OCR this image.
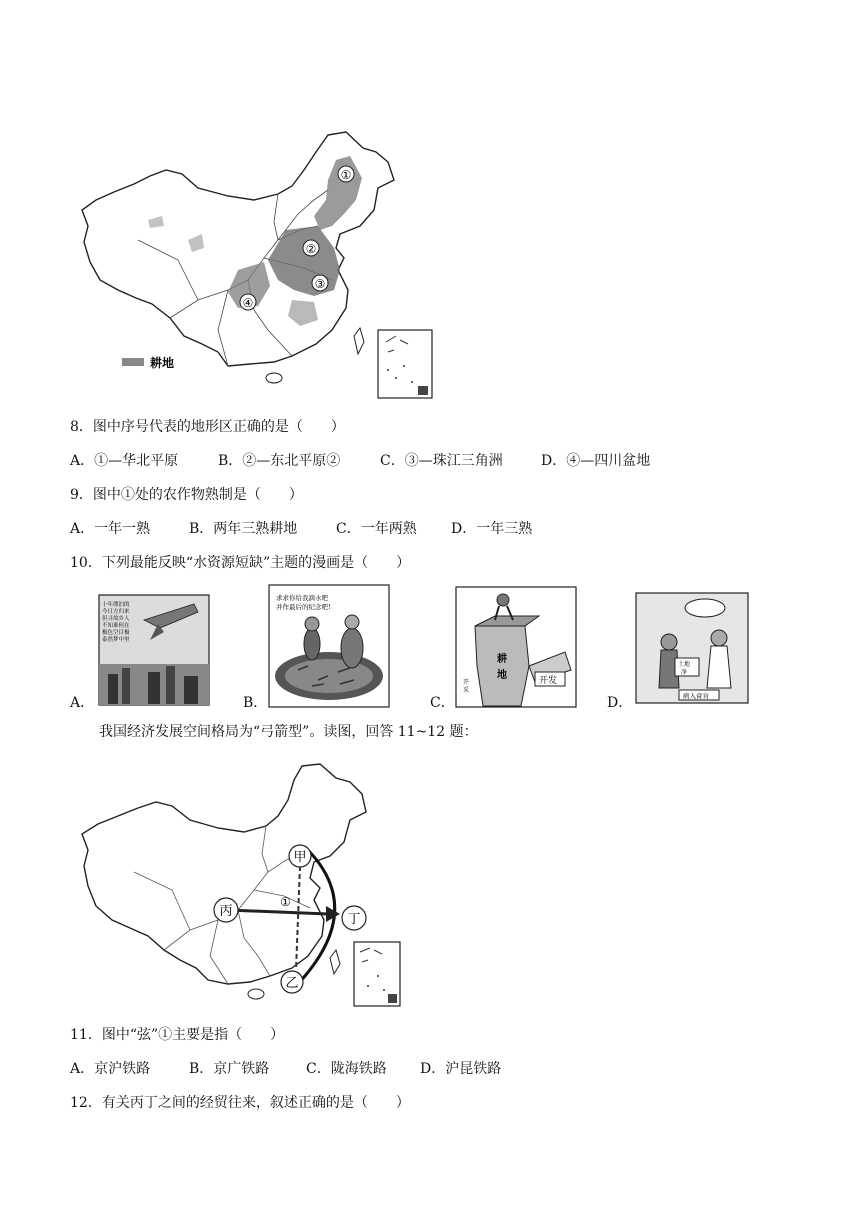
①
②
③
④
耕地
8．图中序号代表的地形区正确的是（　　）
A．①—华北平原	B．②—东北平原②	C．③—珠江三角洲	D．④—四川盆地
9．图中①处的农作物熟制是（　　）
A．一年一熟	B．两年三熟耕地	C．一年两熟 D．一年三熟
10．下列最能反映“水资源短缺”主题的漫画是（　　）
A．
十年漂泊的
今日方归来
但寻故乡人
不知谁何在
极色空目极
泰然梦中里
B．
求求你给我滴水吧
并作最后的纪念吧!
C．
耕
地	开发
开
采
D．
土地
净
病入膏肓
我国经济发展空间格局为“弓箭型”。读图，回答 11~12 题：
甲
乙
丙
丁
①
11．图中“弦”①主要是指（　　）
A．京沪铁路	B．京广铁路	C．陇海铁路 D．沪昆铁路
12．有关丙丁之间的经贸往来，叙述正确的是（　　）
